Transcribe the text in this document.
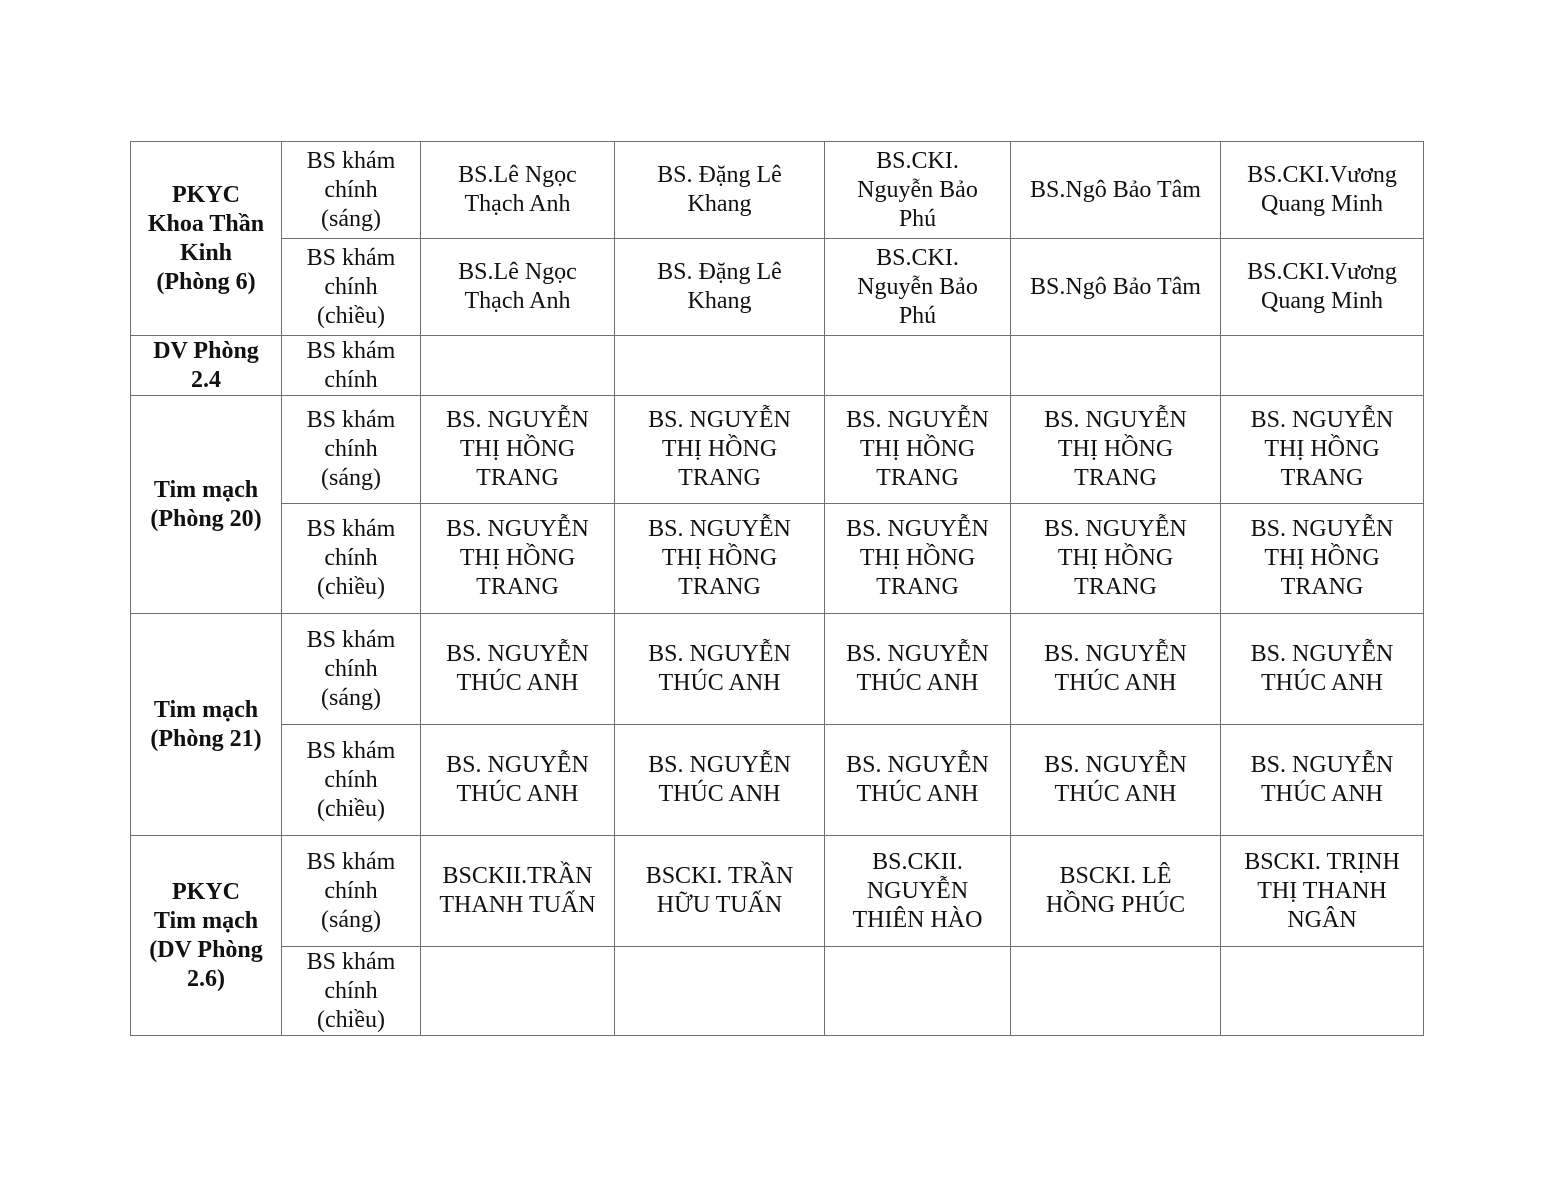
PKYC
Khoa Thần
Kinh
(Phòng 6)	BS khám
chính
(sáng)	BS.Lê Ngọc
Thạch Anh	BS. Đặng Lê
Khang	BS.CKI.
Nguyễn Bảo
Phú	BS.Ngô Bảo Tâm	BS.CKI.Vương
Quang Minh

	BS khám
chính
(chiều)	BS.Lê Ngọc
Thạch Anh	BS. Đặng Lê
Khang	BS.CKI.
Nguyễn Bảo
Phú	BS.Ngô Bảo Tâm	BS.CKI.Vương
Quang Minh

DV Phòng
2.4	BS khám
chính					

Tim mạch
(Phòng 20)	BS khám
chính
(sáng)	BS. NGUYỄN
THỊ HỒNG
TRANG	BS. NGUYỄN
THỊ HỒNG
TRANG	BS. NGUYỄN
THỊ HỒNG
TRANG	BS. NGUYỄN
THỊ HỒNG
TRANG	BS. NGUYỄN
THỊ HỒNG
TRANG

	BS khám
chính
(chiều)	BS. NGUYỄN
THỊ HỒNG
TRANG	BS. NGUYỄN
THỊ HỒNG
TRANG	BS. NGUYỄN
THỊ HỒNG
TRANG	BS. NGUYỄN
THỊ HỒNG
TRANG	BS. NGUYỄN
THỊ HỒNG
TRANG

Tim mạch
(Phòng 21)	BS khám
chính
(sáng)	BS. NGUYỄN
THÚC ANH	BS. NGUYỄN
THÚC ANH	BS. NGUYỄN
THÚC ANH	BS. NGUYỄN
THÚC ANH	BS. NGUYỄN
THÚC ANH

	BS khám
chính
(chiều)	BS. NGUYỄN
THÚC ANH	BS. NGUYỄN
THÚC ANH	BS. NGUYỄN
THÚC ANH	BS. NGUYỄN
THÚC ANH	BS. NGUYỄN
THÚC ANH

PKYC
Tim mạch
(DV Phòng
2.6)	BS khám
chính
(sáng)	BSCKII.TRẦN
THANH TUẤN	BSCKI. TRẦN
HỮU TUẤN	BS.CKII.
NGUYỄN
THIÊN HÀO	BSCKI. LÊ
HỒNG PHÚC	BSCKI. TRỊNH
THỊ THANH
NGÂN

	BS khám
chính
(chiều)					
